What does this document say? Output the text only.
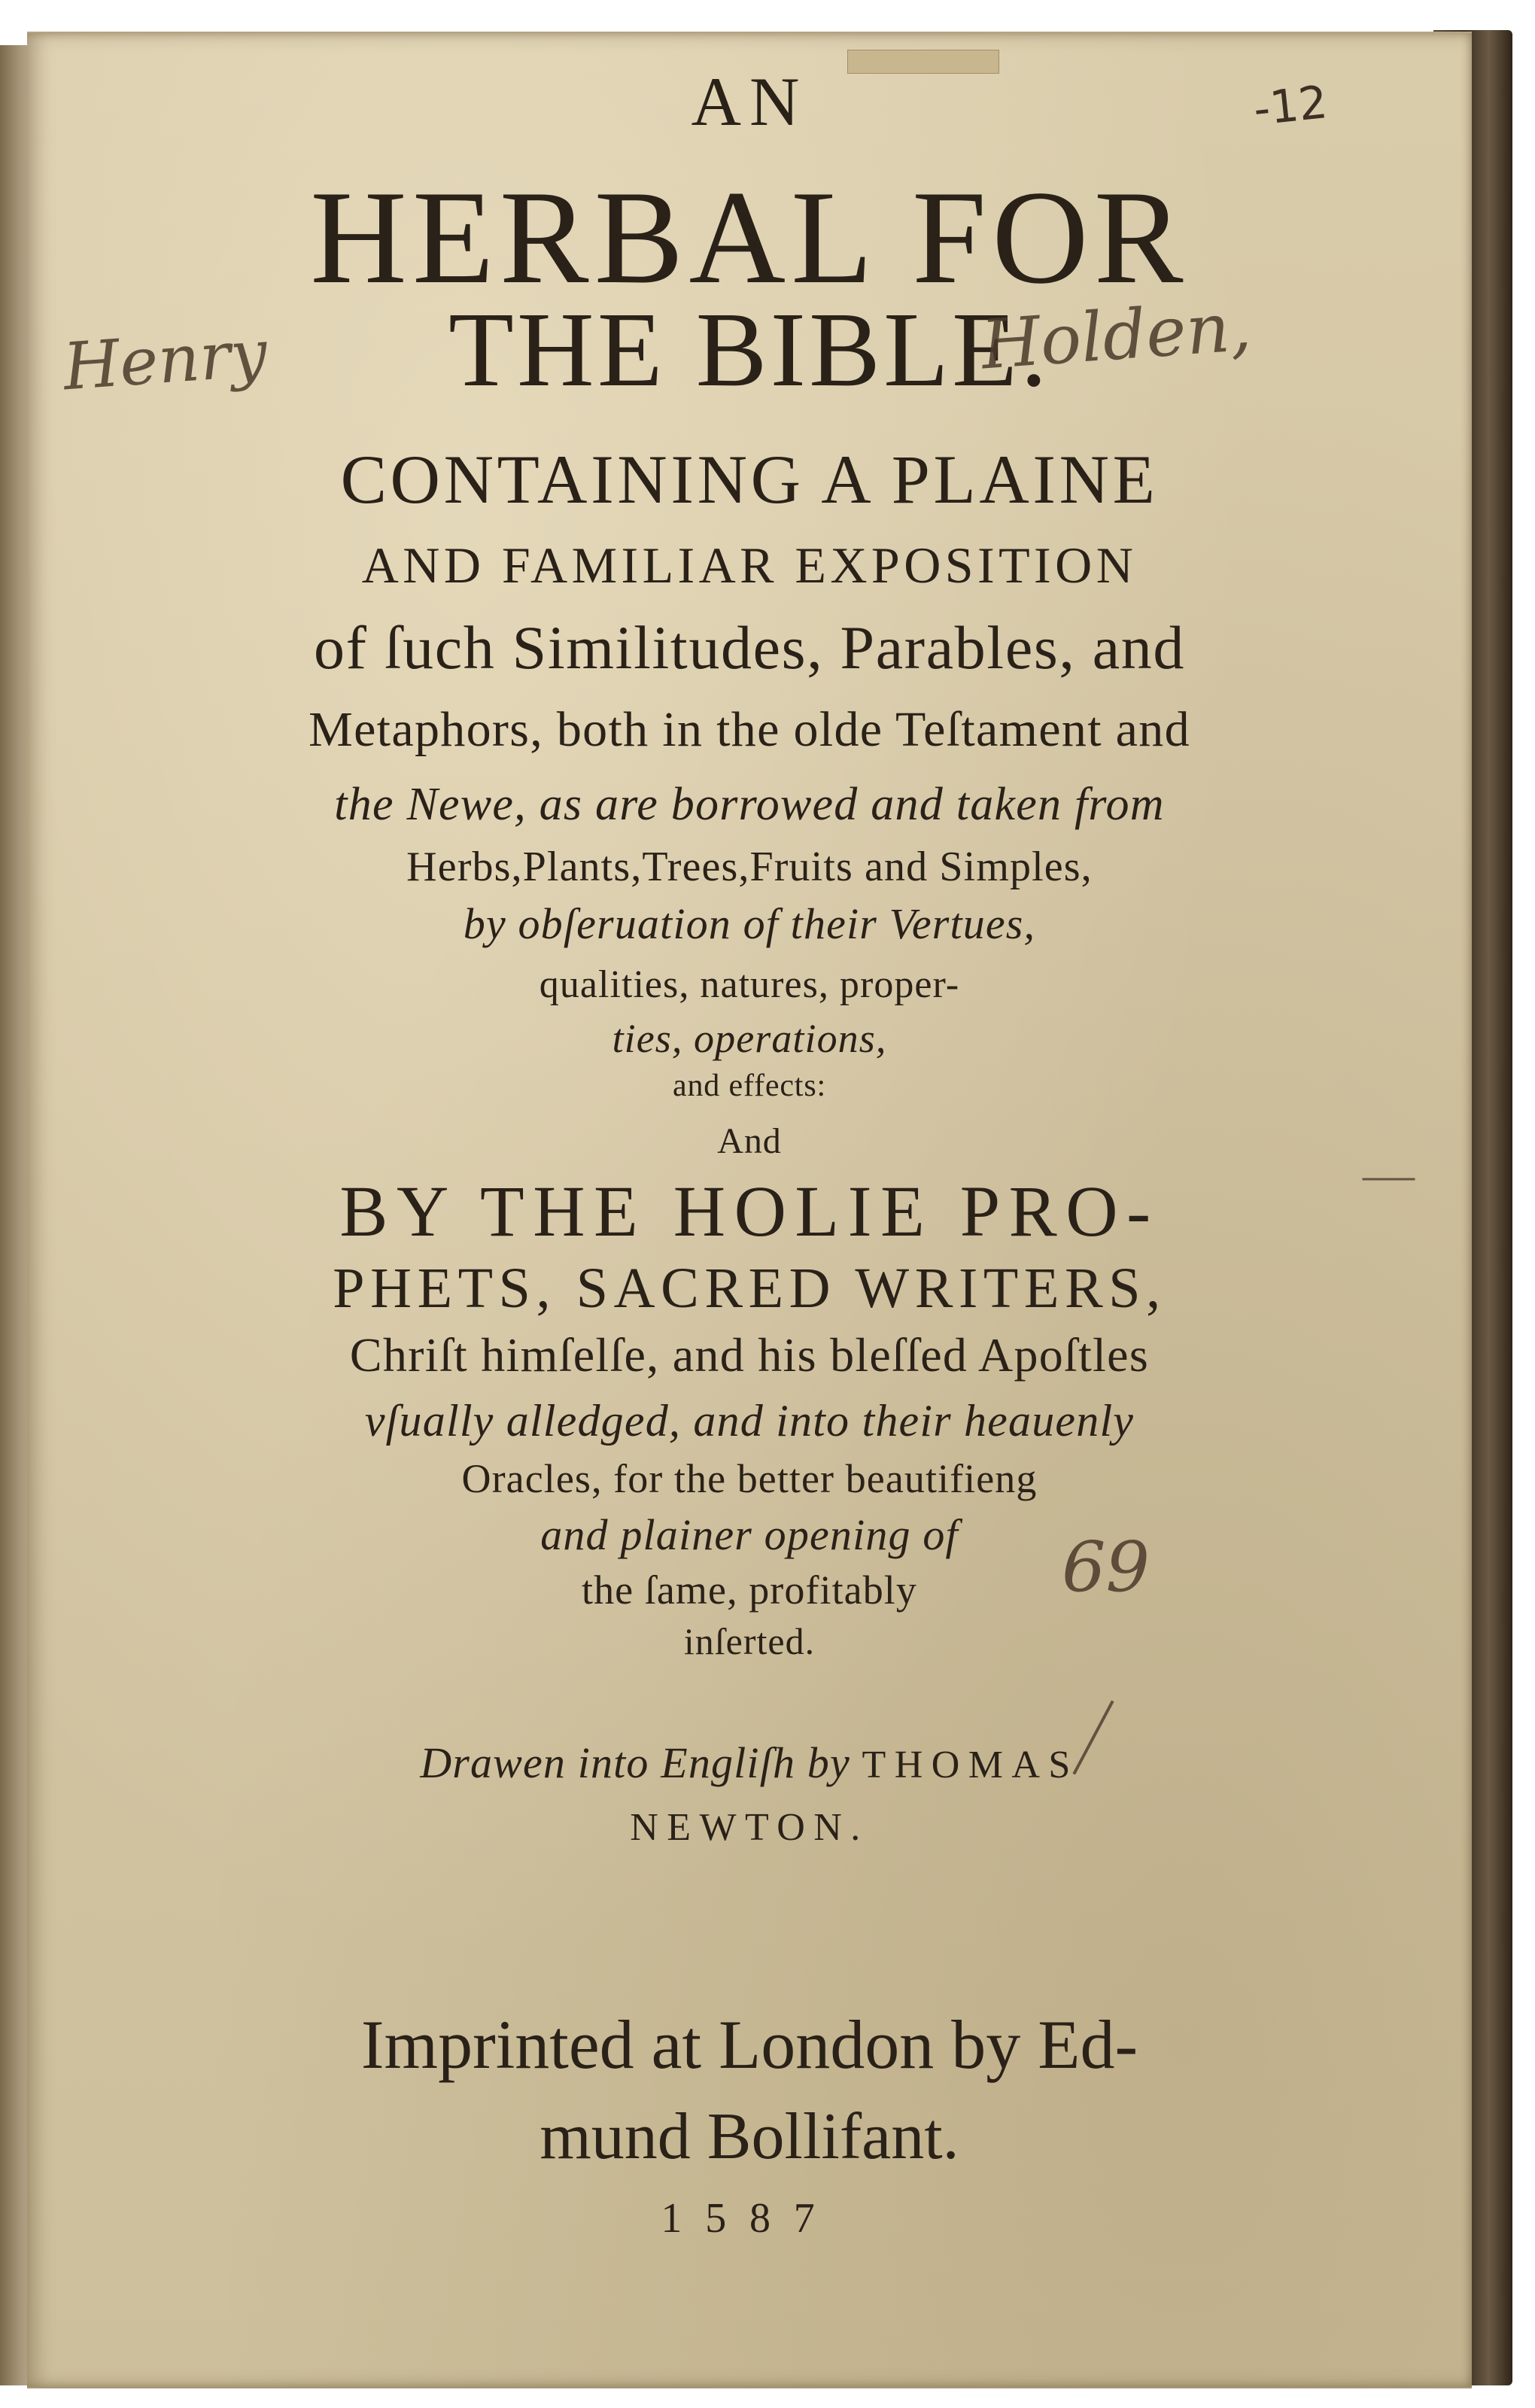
AN
HERBAL FOR
THE BIBLE.
CONTAINING A PLAINE
AND FAMILIAR EXPOSITION
of ſuch Similitudes, Parables, and
Metaphors, both in the olde Teſtament and
the Newe, as are borrowed and taken from
Herbs,Plants,Trees,Fruits and Simples,
by obſeruation of their Vertues,
qualities, natures, proper-
ties, operations,
and effects:
And
BY THE HOLIE PRO-
PHETS, SACRED WRITERS,
Chriſt himſelſe, and his bleſſed Apoſtles
vſually alledged, and into their heauenly
Oracles, for the better beautifieng
and plainer opening of
the ſame, profitably
inſerted.
Drawen into Engliſh by THOMAS
NEWTON.
Imprinted at London by Ed-
mund Bollifant.
1587
Henry	Holden,
-12
69
